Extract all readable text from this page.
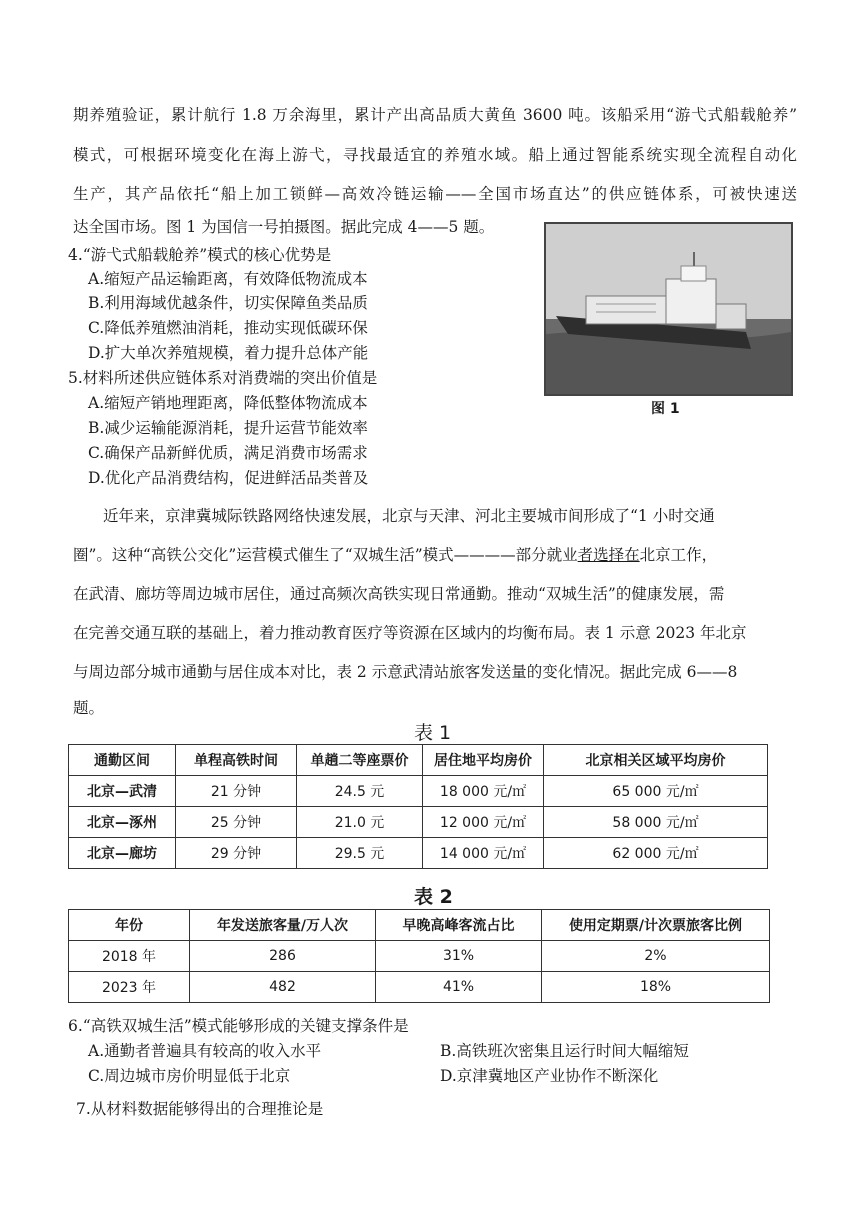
期养殖验证，累计航行 1.8 万余海里，累计产出高品质大黄鱼 3600 吨。该船采用“游弋式船载舱养”
模式，可根据环境变化在海上游弋，寻找最适宜的养殖水域。船上通过智能系统实现全流程自动化
生产，其产品依托“船上加工锁鲜—高效冷链运输——全国市场直达”的供应链体系，可被快速送
达全国市场。图 1 为国信一号拍摄图。据此完成 4——5 题。
图 1
4.“游弋式船载舱养”模式的核心优势是
A.缩短产品运输距离，有效降低物流成本
B.利用海域优越条件，切实保障鱼类品质
C.降低养殖燃油消耗，推动实现低碳环保
D.扩大单次养殖规模，着力提升总体产能
5.材料所述供应链体系对消费端的突出价值是
A.缩短产销地理距离，降低整体物流成本
B.减少运输能源消耗，提升运营节能效率
C.确保产品新鲜优质，满足消费市场需求
D.优化产品消费结构，促进鲜活品类普及
近年来，京津冀城际铁路网络快速发展，北京与天津、河北主要城市间形成了“1 小时交通
圈”。这种“高铁公交化”运营模式催生了“双城生活”模式————部分就业者选择在北京工作，
在武清、廊坊等周边城市居住，通过高频次高铁实现日常通勤。推动“双城生活”的健康发展，需
在完善交通互联的基础上，着力推动教育医疗等资源在区域内的均衡布局。表 1 示意 2023 年北京
与周边部分城市通勤与居住成本对比，表 2 示意武清站旅客发送量的变化情况。据此完成 6——8
题。
表 1
通勤区间	单程高铁时间	单趟二等座票价	居住地平均房价	北京相关区域平均房价
北京—武清	21 分钟	24.5 元	18 000 元/㎡	65 000 元/㎡
北京—涿州	25 分钟	21.0 元	12 000 元/㎡	58 000 元/㎡
北京—廊坊	29 分钟	29.5 元	14 000 元/㎡	62 000 元/㎡
表 2
年份	年发送旅客量/万人次	早晚高峰客流占比	使用定期票/计次票旅客比例
2018 年	286	31%	2%
2023 年	482	41%	18%
6.“高铁双城生活”模式能够形成的关键支撑条件是
A.通勤者普遍具有较高的收入水平	B.高铁班次密集且运行时间大幅缩短
C.周边城市房价明显低于北京	D.京津冀地区产业协作不断深化
7.从材料数据能够得出的合理推论是
